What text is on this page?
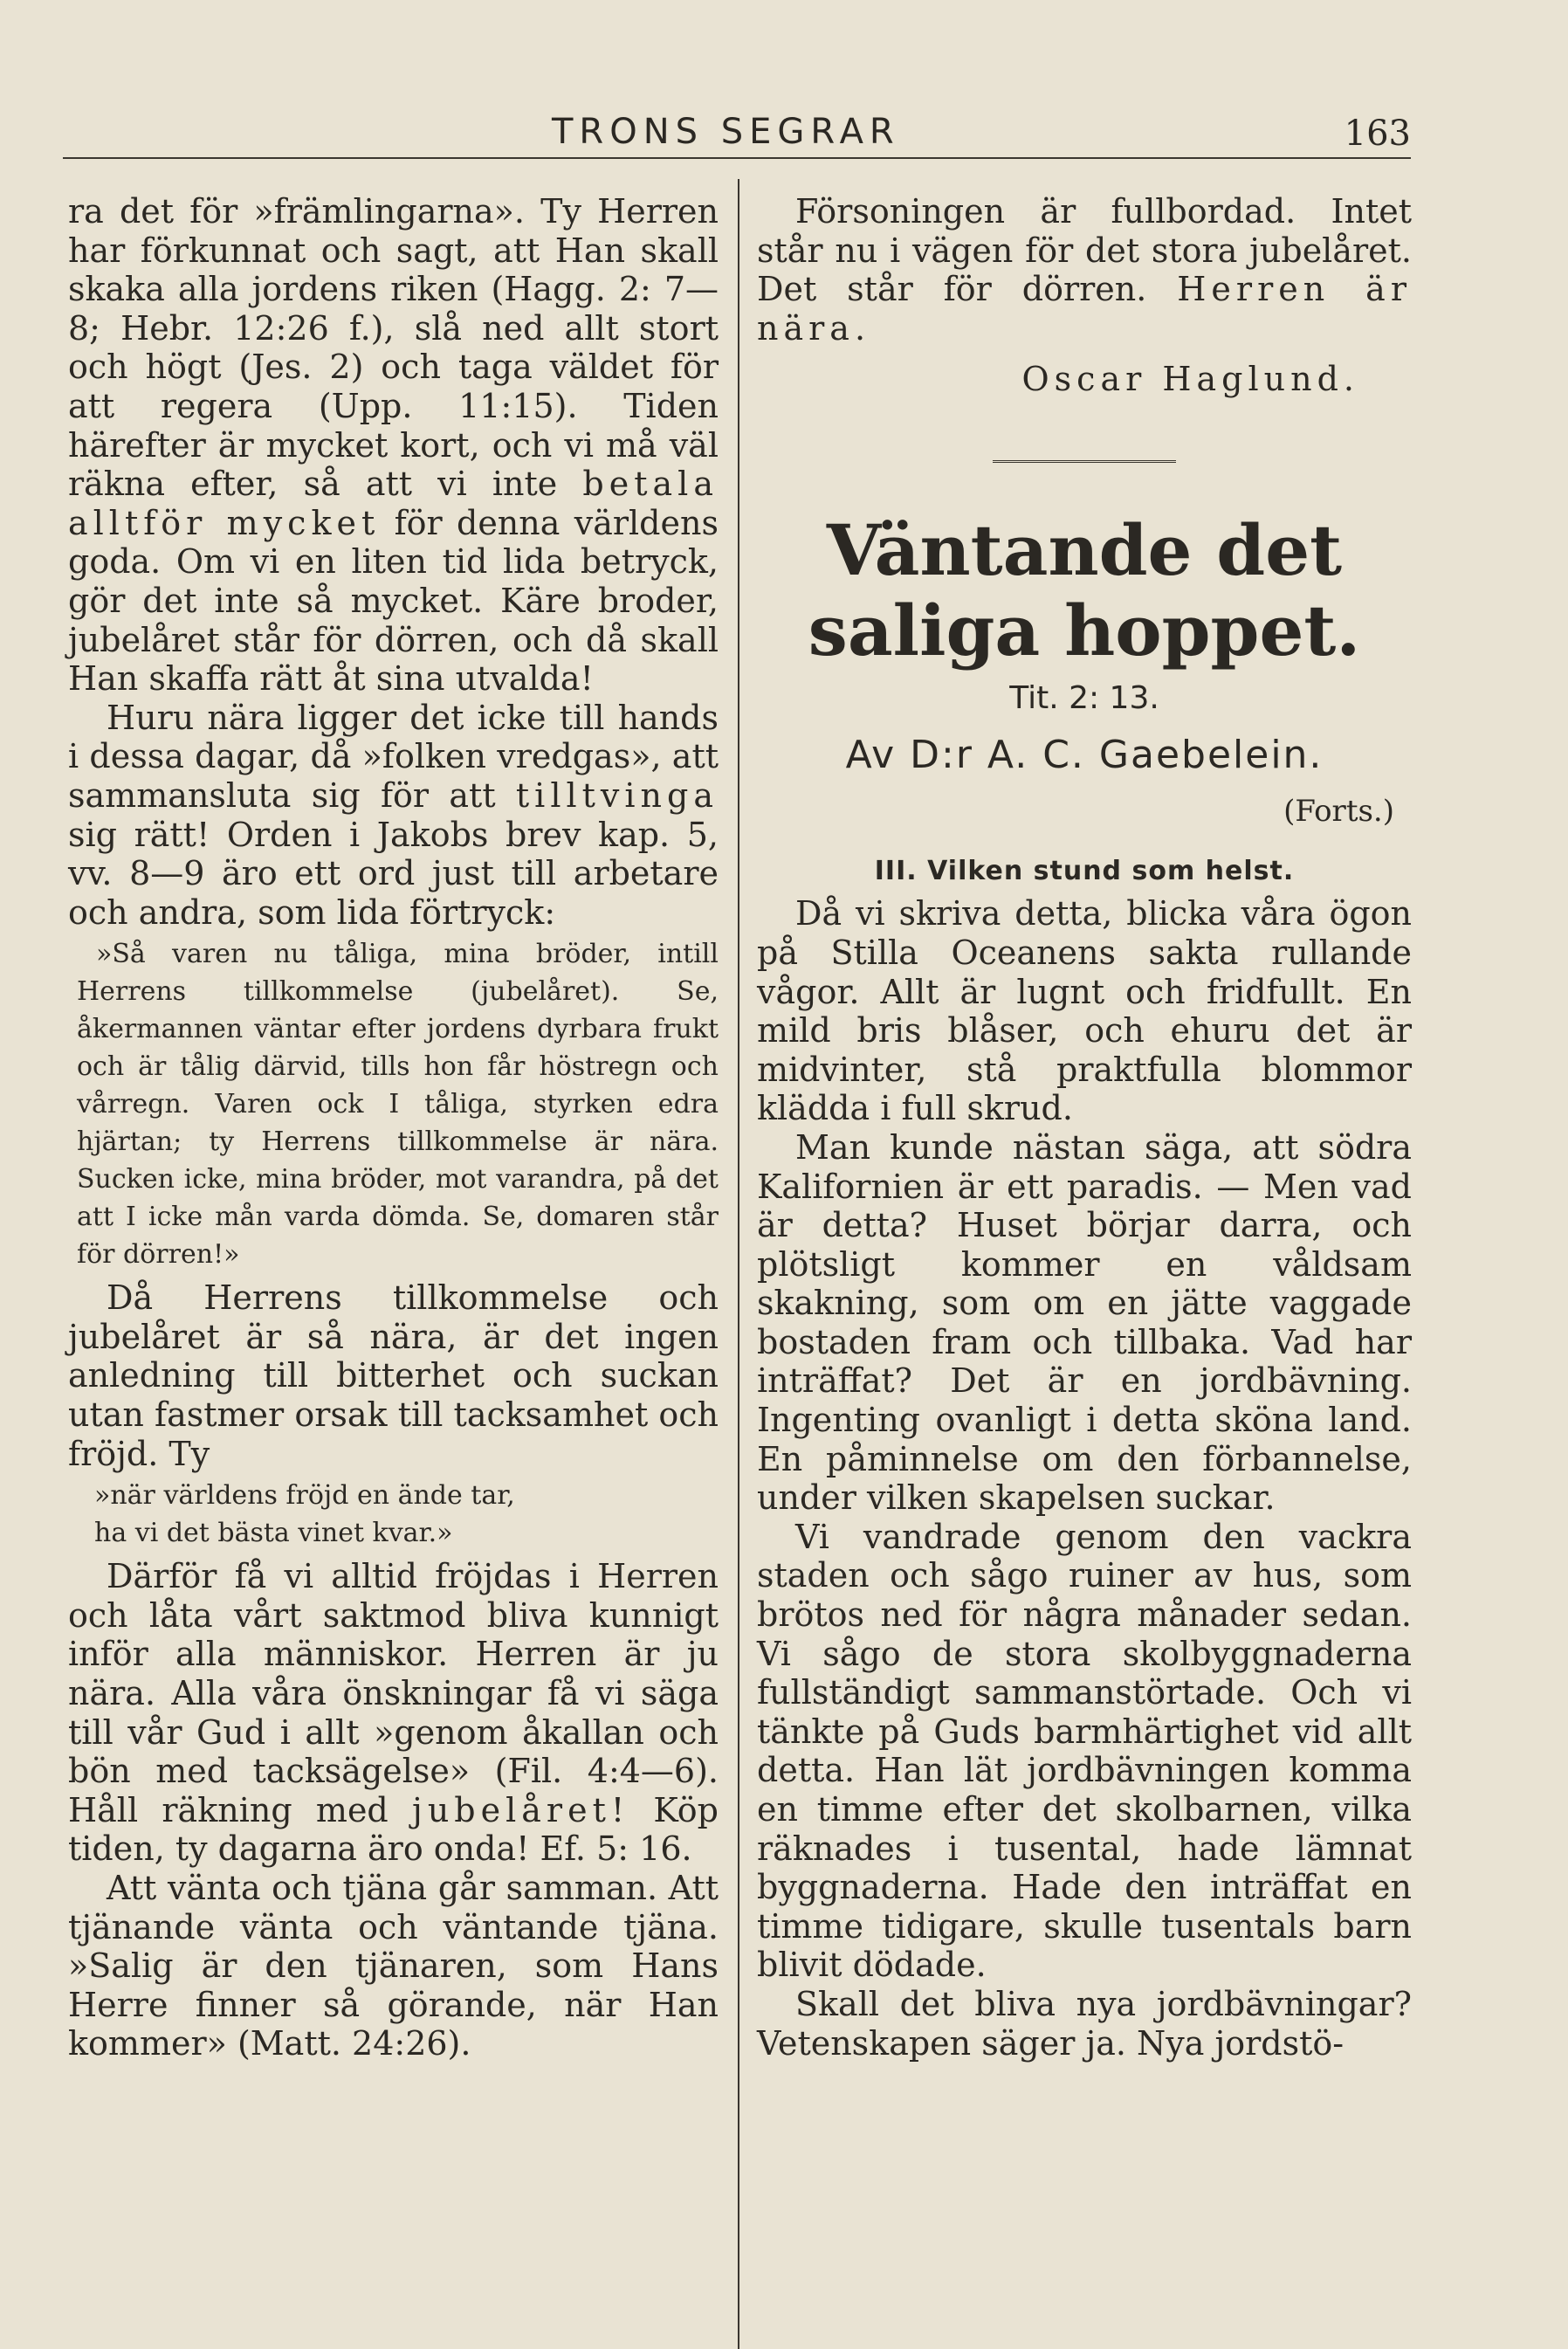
TRONS SEGRAR	163

ra det för »främlingarna». Ty Herren har förkunnat och sagt, att Han skall skaka alla jordens riken (Hagg. 2: 7—8; Hebr. 12:26 f.), slå ned allt stort och högt (Jes. 2) och taga väldet för att regera (Upp. 11:15). Tiden härefter är mycket kort, och vi må väl räkna efter, så att vi inte betala alltför mycket för denna världens goda. Om vi en liten tid lida betryck, gör det inte så mycket. Käre broder, jubelåret står för dörren, och då skall Han skaffa rätt åt sina utvalda!

Huru nära ligger det icke till hands i dessa dagar, då »folken vredgas», att sammansluta sig för att tilltvinga sig rätt! Orden i Jakobs brev kap. 5, vv. 8—9 äro ett ord just till arbetare och andra, som lida förtryck:

»Så varen nu tåliga, mina bröder, intill Herrens tillkommelse (jubelåret). Se, åkermannen väntar efter jordens dyrbara frukt och är tålig därvid, tills hon får höstregn och vårregn. Varen ock I tåliga, styrken edra hjärtan; ty Herrens tillkommelse är nära. Sucken icke, mina bröder, mot varandra, på det att I icke mån varda dömda. Se, domaren står för dörren!»

Då Herrens tillkommelse och jubelåret är så nära, är det ingen anledning till bitterhet och suckan utan fastmer orsak till tacksamhet och fröjd. Ty

»när världens fröjd en ände tar,
ha vi det bästa vinet kvar.»

Därför få vi alltid fröjdas i Herren och låta vårt saktmod bliva kunnigt inför alla människor. Herren är ju nära. Alla våra önskningar få vi säga till vår Gud i allt »genom åkallan och bön med tacksägelse» (Fil. 4:4—6). Håll räkning med jubelåret! Köp tiden, ty dagarna äro onda! Ef. 5: 16.

Att vänta och tjäna går samman. Att tjänande vänta och väntande tjäna. »Salig är den tjänaren, som Hans Herre finner så görande, när Han kommer» (Matt. 24:26).

Försoningen är fullbordad. Intet står nu i vägen för det stora jubelåret. Det står för dörren. Herren är nära.

Oscar Haglund.
Väntande det saliga hoppet.
Tit. 2: 13.
Av D:r A. C. Gaebelein.
(Forts.)
III. Vilken stund som helst.

Då vi skriva detta, blicka våra ögon på Stilla Oceanens sakta rullande vågor. Allt är lugnt och fridfullt. En mild bris blåser, och ehuru det är midvinter, stå praktfulla blommor klädda i full skrud.

Man kunde nästan säga, att södra Kalifornien är ett paradis. — Men vad är detta? Huset börjar darra, och plötsligt kommer en våldsam skakning, som om en jätte vaggade bostaden fram och tillbaka. Vad har inträffat? Det är en jordbävning. Ingenting ovanligt i detta sköna land. En påminnelse om den förbannelse, under vilken skapelsen suckar.

Vi vandrade genom den vackra staden och sågo ruiner av hus, som brötos ned för några månader sedan. Vi sågo de stora skolbyggnaderna fullständigt sammanstörtade. Och vi tänkte på Guds barmhärtighet vid allt detta. Han lät jordbävningen komma en timme efter det skolbarnen, vilka räknades i tusental, hade lämnat byggnaderna. Hade den inträffat en timme tidigare, skulle tusentals barn blivit dödade.

Skall det bliva nya jordbävningar? Vetenskapen säger ja. Nya jordstö-
